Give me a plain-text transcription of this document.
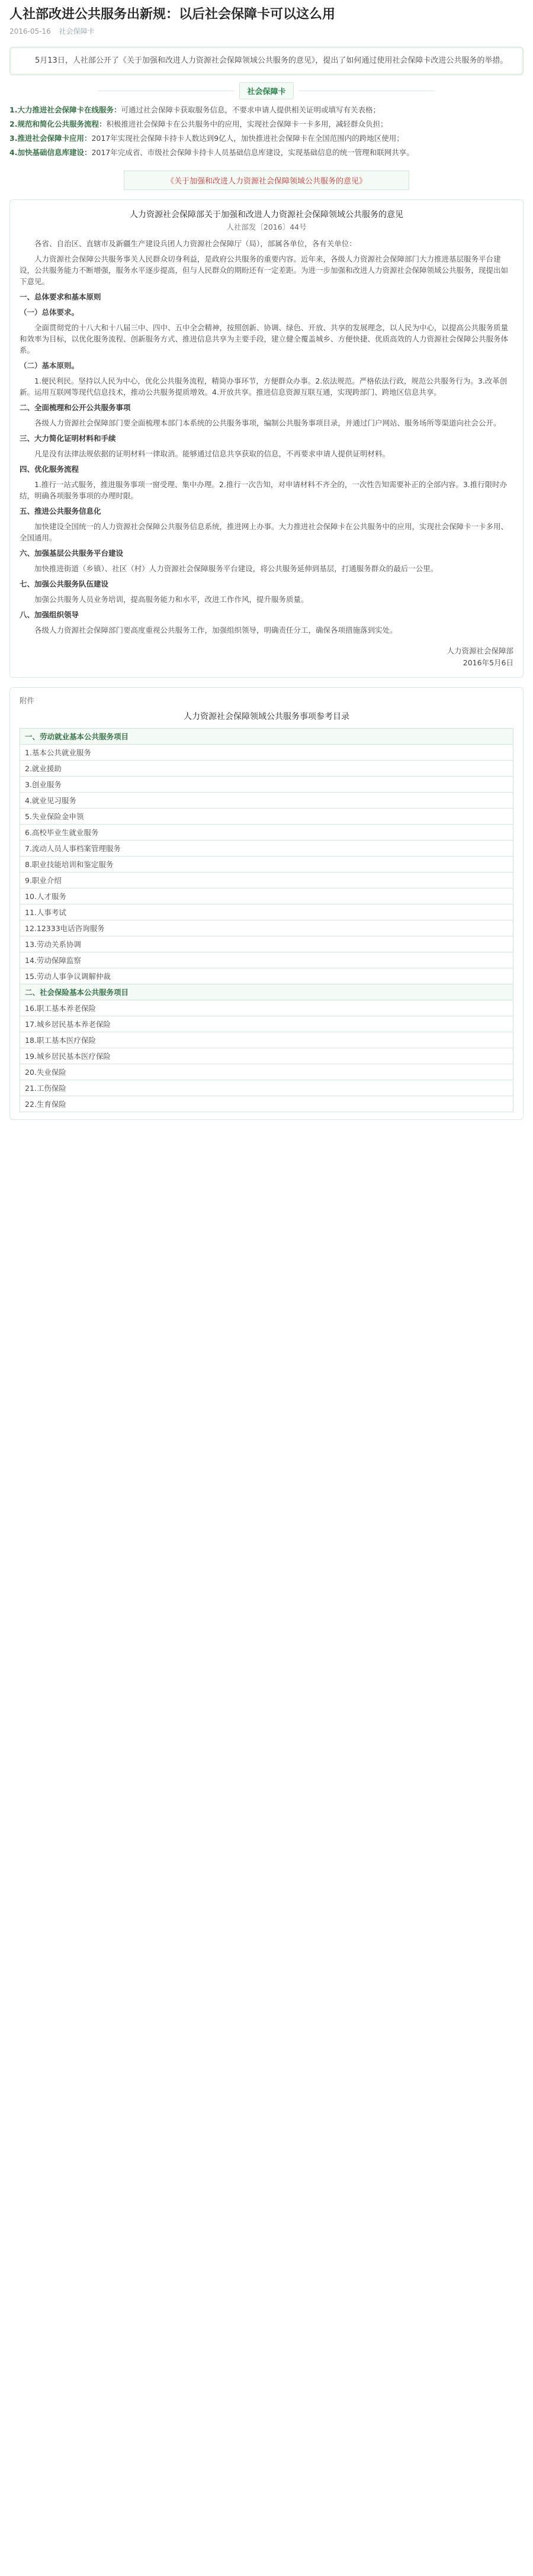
人社部改进公共服务出新规：以后社会保障卡可以这么用
2016-05-16 社会保障卡
5月13日，人社部公开了《关于加强和改进人力资源社会保障领域公共服务的意见》，提出了如何通过使用社会保障卡改进公共服务的举措。
社会保障卡

1.大力推进社会保障卡在线服务：可通过社会保障卡获取服务信息，不要求申请人提供相关证明或填写有关表格；

2.规范和简化公共服务流程：积极推进社会保障卡在公共服务中的应用，实现社会保障卡一卡多用，减轻群众负担；

3.推进社会保障卡应用：2017年实现社会保障卡持卡人数达到9亿人，加快推进社会保障卡在全国范围内的跨地区使用；

4.加快基础信息库建设：2017年完成省、市级社会保障卡持卡人员基础信息库建设，实现基础信息的统一管理和联网共享。

《关于加强和改进人力资源社会保障领域公共服务的意见》
人力资源社会保障部关于加强和改进人力资源社会保障领域公共服务的意见
人社部发〔2016〕44号

各省、自治区、直辖市及新疆生产建设兵团人力资源社会保障厅（局），部属各单位，各有关单位：

人力资源社会保障公共服务事关人民群众切身利益，是政府公共服务的重要内容。近年来，各级人力资源社会保障部门大力推进基层服务平台建设，公共服务能力不断增强，服务水平逐步提高，但与人民群众的期盼还有一定差距。为进一步加强和改进人力资源社会保障领域公共服务，现提出如下意见。

一、总体要求和基本原则

（一）总体要求。

全面贯彻党的十八大和十八届三中、四中、五中全会精神，按照创新、协调、绿色、开放、共享的发展理念，以人民为中心，以提高公共服务质量和效率为目标，以优化服务流程、创新服务方式、推进信息共享为主要手段，建立健全覆盖城乡、方便快捷、优质高效的人力资源社会保障公共服务体系。

（二）基本原则。

1.便民利民。坚持以人民为中心，优化公共服务流程，精简办事环节，方便群众办事。2.依法规范。严格依法行政，规范公共服务行为。3.改革创新。运用互联网等现代信息技术，推动公共服务提质增效。4.开放共享。推进信息资源互联互通，实现跨部门、跨地区信息共享。

二、全面梳理和公开公共服务事项

各级人力资源社会保障部门要全面梳理本部门本系统的公共服务事项，编制公共服务事项目录，并通过门户网站、服务场所等渠道向社会公开。

三、大力简化证明材料和手续

凡是没有法律法规依据的证明材料一律取消。能够通过信息共享获取的信息，不再要求申请人提供证明材料。

四、优化服务流程

1.推行一站式服务，推进服务事项一窗受理、集中办理。2.推行一次告知，对申请材料不齐全的，一次性告知需要补正的全部内容。3.推行限时办结，明确各项服务事项的办理时限。

五、推进公共服务信息化

加快建设全国统一的人力资源社会保障公共服务信息系统，推进网上办事。大力推进社会保障卡在公共服务中的应用，实现社会保障卡一卡多用、全国通用。

六、加强基层公共服务平台建设

加快推进街道（乡镇）、社区（村）人力资源社会保障服务平台建设，将公共服务延伸到基层，打通服务群众的最后一公里。

七、加强公共服务队伍建设

加强公共服务人员业务培训，提高服务能力和水平，改进工作作风，提升服务质量。

八、加强组织领导

各级人力资源社会保障部门要高度重视公共服务工作，加强组织领导，明确责任分工，确保各项措施落到实处。

人力资源社会保障部
2016年5月6日
附件
人力资源社会保障领域公共服务事项参考目录
一、劳动就业基本公共服务项目
1.基本公共就业服务
2.就业援助
3.创业服务
4.就业见习服务
5.失业保险金申领
6.高校毕业生就业服务
7.流动人员人事档案管理服务
8.职业技能培训和鉴定服务
9.职业介绍
10.人才服务
11.人事考试
12.12333电话咨询服务
13.劳动关系协调
14.劳动保障监察
15.劳动人事争议调解仲裁
二、社会保险基本公共服务项目
16.职工基本养老保险
17.城乡居民基本养老保险
18.职工基本医疗保险
19.城乡居民基本医疗保险
20.失业保险
21.工伤保险
22.生育保险
